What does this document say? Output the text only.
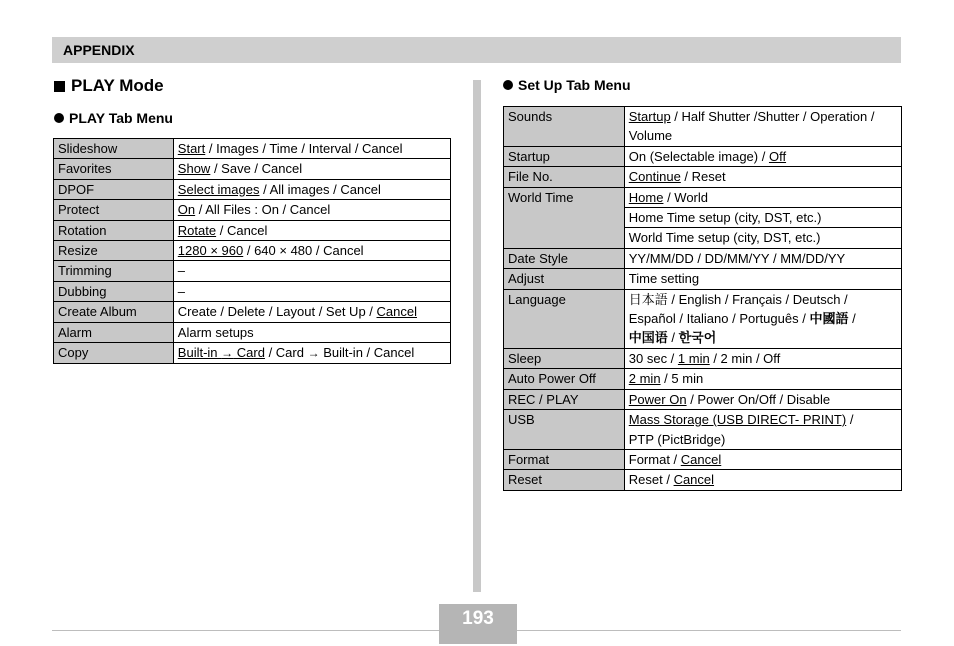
APPENDIX
PLAY Mode
PLAY Tab Menu
Slideshow	Start / Images / Time / Interval / Cancel
Favorites	Show / Save / Cancel
DPOF	Select images / All images / Cancel
Protect	On / All Files : On / Cancel
Rotation	Rotate / Cancel
Resize	1280 × 960 / 640 × 480 / Cancel
Trimming	–
Dubbing	–
Create Album	Create / Delete / Layout / Set Up / Cancel
Alarm	Alarm setups
Copy	Built-in → Card / Card → Built-in / Cancel
Set Up Tab Menu
Sounds	Startup / Half Shutter /Shutter / Operation /
Volume
Startup	On (Selectable image) / Off
File No.	Continue / Reset
World Time	Home / World
	Home Time setup (city, DST, etc.)
	World Time setup (city, DST, etc.)
Date Style	YY/MM/DD / DD/MM/YY / MM/DD/YY
Adjust	Time setting
Language	日本語 / English / Français / Deutsch /
Español / Italiano / Português / 中國語 /
中国语 / 한국어
Sleep	30 sec / 1 min / 2 min / Off
Auto Power Off	2 min / 5 min
REC / PLAY	Power On / Power On/Off / Disable
USB	Mass Storage (USB DIRECT- PRINT) /
PTP (PictBridge)
Format	Format / Cancel
Reset	Reset / Cancel
193
